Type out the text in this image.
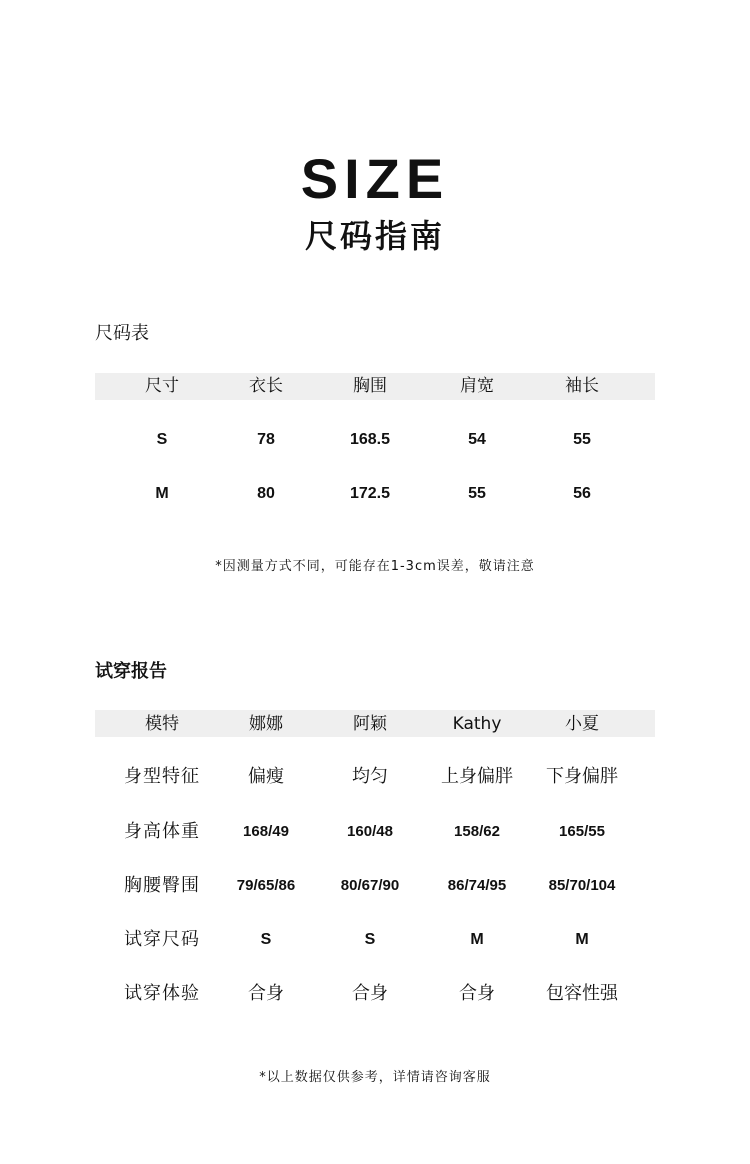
SIZE
尺码指南
尺码表
尺寸	衣长	胸围	肩宽	袖长
S	78	168.5	54	55
M	80	172.5	55	56
*因测量方式不同，可能存在1-3cm误差，敬请注意
试穿报告
模特	娜娜	阿颖	Kathy	小夏
身型特征	偏瘦	均匀	上身偏胖	下身偏胖
身高体重	168/49	160/48	158/62	165/55
胸腰臀围	79/65/86	80/67/90	86/74/95	85/70/104
试穿尺码	S	S	M	M
试穿体验	合身	合身	合身	包容性强
*以上数据仅供参考，详情请咨询客服
